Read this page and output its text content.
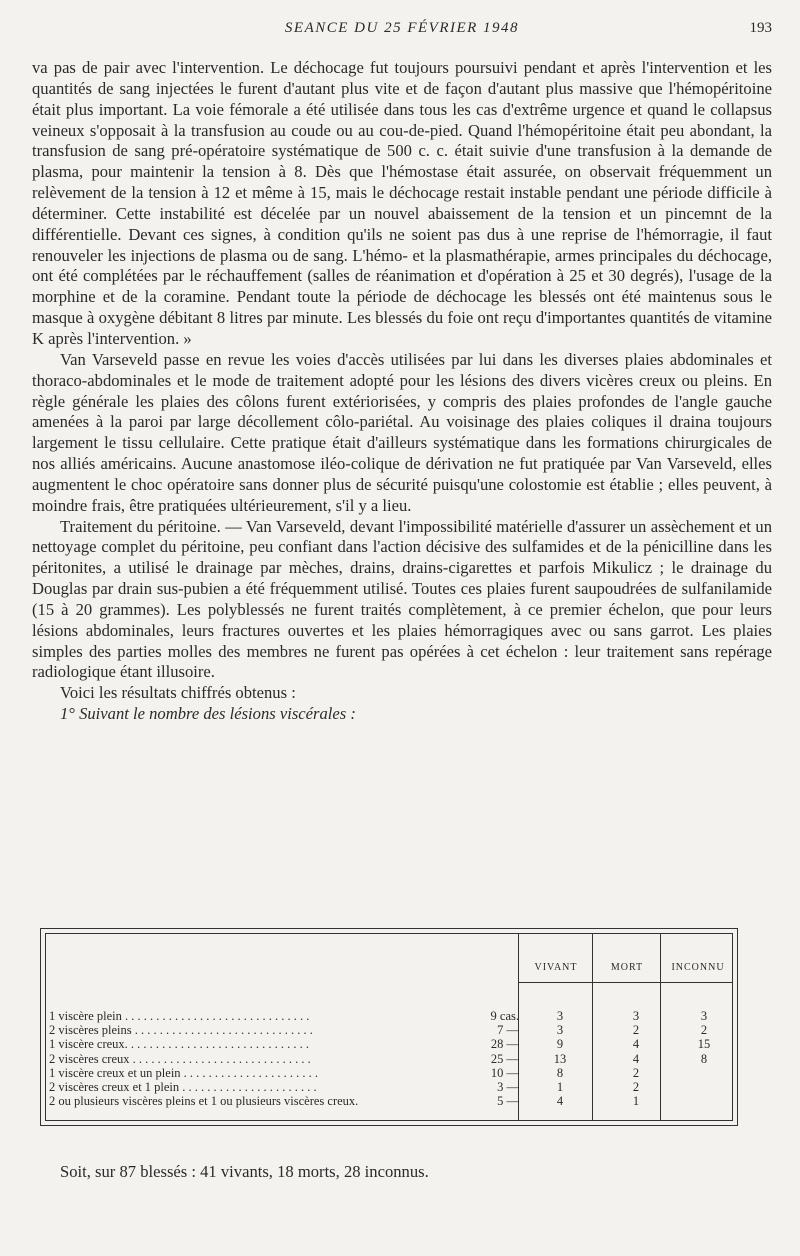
SEANCE DU 25 FÉVRIER 1948	193

va pas de pair avec l'intervention. Le déchocage fut toujours poursuivi pendant et après l'intervention et les quantités de sang injectées le furent d'autant plus vite et de façon d'autant plus massive que l'hémopéritoine était plus important. La voie fémorale a été utilisée dans tous les cas d'extrême urgence et quand le collapsus veineux s'opposait à la transfusion au coude ou au cou-de-pied. Quand l'hémopéritoine était peu abondant, la transfusion de sang pré-opératoire systématique de 500 c. c. était suivie d'une transfusion à la demande de plasma, pour maintenir la tension à 8. Dès que l'hémostase était assurée, on observait fréquemment un relèvement de la tension à 12 et même à 15, mais le déchocage restait instable pendant une période difficile à déterminer. Cette instabilité est décelée par un nouvel abaissement de la tension et un pincemnt de la différentielle. Devant ces signes, à condition qu'ils ne soient pas dus à une reprise de l'hémorragie, il faut renouveler les injections de plasma ou de sang. L'hémo- et la plasmathérapie, armes principales du déchocage, ont été complétées par le réchauffement (salles de réanimation et d'opération à 25 et 30 degrés), l'usage de la morphine et de la coramine. Pendant toute la période de déchocage les blessés ont été maintenus sous le masque à oxygène débitant 8 litres par minute. Les blessés du foie ont reçu d'importantes quantités de vitamine K après l'intervention. »

Van Varseveld passe en revue les voies d'accès utilisées par lui dans les diverses plaies abdominales et thoraco-abdominales et le mode de traitement adopté pour les lésions des divers vicères creux ou pleins. En règle générale les plaies des côlons furent extériorisées, y compris des plaies profondes de l'angle gauche amenées à la paroi par large décollement côlo-pariétal. Au voisinage des plaies coliques il draina toujours largement le tissu cellulaire. Cette pratique était d'ailleurs systématique dans les formations chirurgicales de nos alliés américains. Aucune anastomose iléo-colique de dérivation ne fut pratiquée par Van Varseveld, elles augmentent le choc opératoire sans donner plus de sécurité puisqu'une colostomie est établie ; elles peuvent, à moindre frais, être pratiquées ultérieurement, s'il y a lieu.

Traitement du péritoine. — Van Varseveld, devant l'impossibilité matérielle d'assurer un assèchement et un nettoyage complet du péritoine, peu confiant dans l'action décisive des sulfamides et de la pénicilline dans les péritonites, a utilisé le drainage par mèches, drains, drains-cigarettes et parfois Mikulicz ; le drainage du Douglas par drain sus-pubien a été fréquemment utilisé. Toutes ces plaies furent saupoudrées de sulfanilamide (15 à 20 grammes). Les polyblessés ne furent traités complètement, à ce premier échelon, que pour leurs lésions abdominales, leurs fractures ouvertes et les plaies hémorragiques avec ou sans garrot. Les plaies simples des parties molles des membres ne furent pas opérées à cet échelon : leur traitement sans repérage radiologique étant illusoire.

Voici les résultats chiffrés obtenus :

1° Suivant le nombre des lésions viscérales :

VIVANT	MORT	INCONNU
1 viscère plein . . . . . . . . . . . . . . . . . . . . . . . . . . . . . .	9 cas.	3	3	3
2 viscères pleins . . . . . . . . . . . . . . . . . . . . . . . . . . . . .	7 —	3	2	2
1 viscère creux. . . . . . . . . . . . . . . . . . . . . . . . . . . . . .	28 —	9	4	15
2 viscères creux . . . . . . . . . . . . . . . . . . . . . . . . . . . . .	25 —	13	4	8
1 viscère creux et un plein . . . . . . . . . . . . . . . . . . . . . .	10 —	8	2
2 viscères creux et 1 plein . . . . . . . . . . . . . . . . . . . . . .	3 —	1	2
2 ou plusieurs viscères pleins et 1 ou plusieurs viscères creux.	5 —	4	1
Soit, sur 87 blessés : 41 vivants, 18 morts, 28 inconnus.
